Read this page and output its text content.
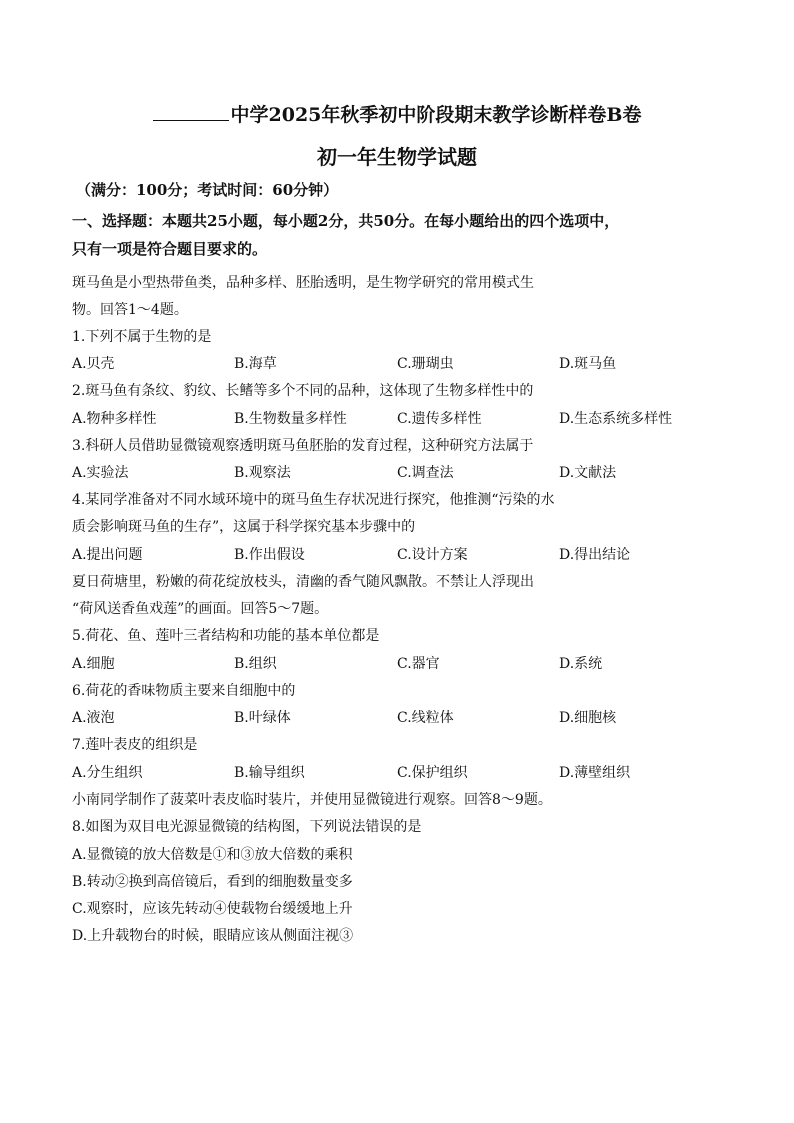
中学2025年秋季初中阶段期末教学诊断样卷B卷
初一年生物学试题
（满分：100分；考试时间：60分钟）
一、选择题：本题共25小题，每小题2分，共50分。在每小题给出的四个选项中，
只有一项是符合题目要求的。
斑马鱼是小型热带鱼类，品种多样、胚胎透明，是生物学研究的常用模式生
物。回答1～4题。
1.下列不属于生物的是
A.贝壳	B.海草	C.珊瑚虫	D.斑马鱼
2.斑马鱼有条纹、豹纹、长鳍等多个不同的品种，这体现了生物多样性中的
A.物种多样性	B.生物数量多样性	C.遗传多样性	D.生态系统多样性
3.科研人员借助显微镜观察透明斑马鱼胚胎的发育过程，这种研究方法属于
A.实验法	B.观察法	C.调查法	D.文献法
4.某同学准备对不同水域环境中的斑马鱼生存状况进行探究，他推测“污染的水
质会影响斑马鱼的生存”，这属于科学探究基本步骤中的
A.提出问题	B.作出假设	C.设计方案	D.得出结论
夏日荷塘里，粉嫩的荷花绽放枝头，清幽的香气随风飘散。不禁让人浮现出
“荷风送香鱼戏莲”的画面。回答5～7题。
5.荷花、鱼、莲叶三者结构和功能的基本单位都是
A.细胞	B.组织	C.器官	D.系统
6.荷花的香味物质主要来自细胞中的
A.液泡	B.叶绿体	C.线粒体	D.细胞核
7.莲叶表皮的组织是
A.分生组织	B.输导组织	C.保护组织	D.薄壁组织
小南同学制作了菠菜叶表皮临时装片，并使用显微镜进行观察。回答8～9题。
8.如图为双目电光源显微镜的结构图，下列说法错误的是
A.显微镜的放大倍数是①和③放大倍数的乘积
B.转动②换到高倍镜后，看到的细胞数量变多
C.观察时，应该先转动④使载物台缓缓地上升
D.上升载物台的时候，眼睛应该从侧面注视③
